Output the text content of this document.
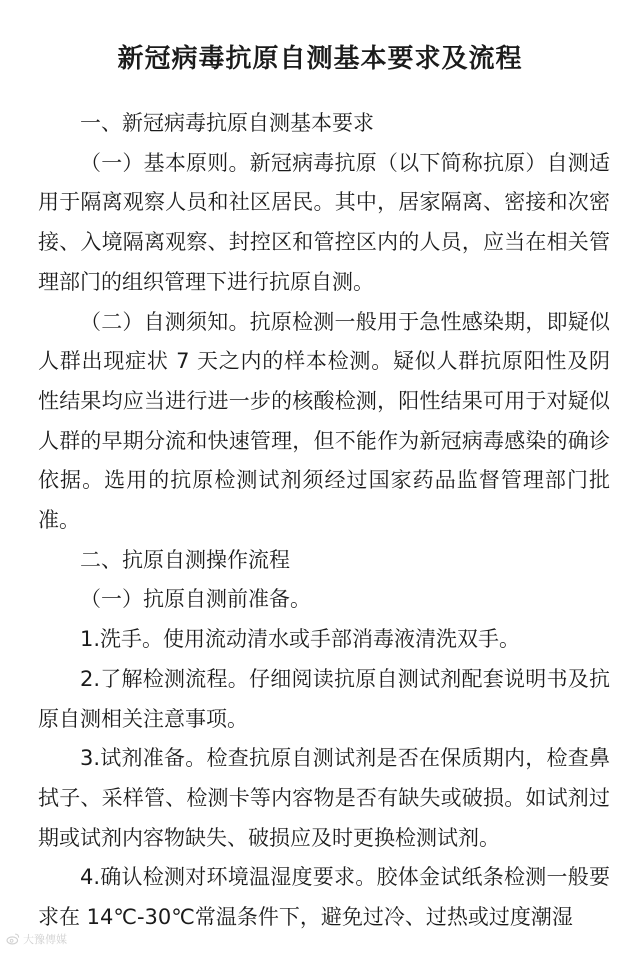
新冠病毒抗原自测基本要求及流程

一、新冠病毒抗原自测基本要求

（一）基本原则。新冠病毒抗原（以下简称抗原）自测适用于隔离观察人员和社区居民。其中，居家隔离、密接和次密接、入境隔离观察、封控区和管控区内的人员，应当在相关管理部门的组织管理下进行抗原自测。

（二）自测须知。抗原检测一般用于急性感染期，即疑似人群出现症状 7 天之内的样本检测。疑似人群抗原阳性及阴性结果均应当进行进一步的核酸检测，阳性结果可用于对疑似人群的早期分流和快速管理，但不能作为新冠病毒感染的确诊依据。选用的抗原检测试剂须经过国家药品监督管理部门批准。

二、抗原自测操作流程

（一）抗原自测前准备。

1.洗手。使用流动清水或手部消毒液清洗双手。

2.了解检测流程。仔细阅读抗原自测试剂配套说明书及抗原自测相关注意事项。

3.试剂准备。检查抗原自测试剂是否在保质期内，检查鼻拭子、采样管、检测卡等内容物是否有缺失或破损。如试剂过期或试剂内容物缺失、破损应及时更换检测试剂。

4.确认检测对环境温湿度要求。胶体金试纸条检测一般要求在 14℃-30℃常温条件下，避免过冷、过热或过度潮湿

大豫傳媒
